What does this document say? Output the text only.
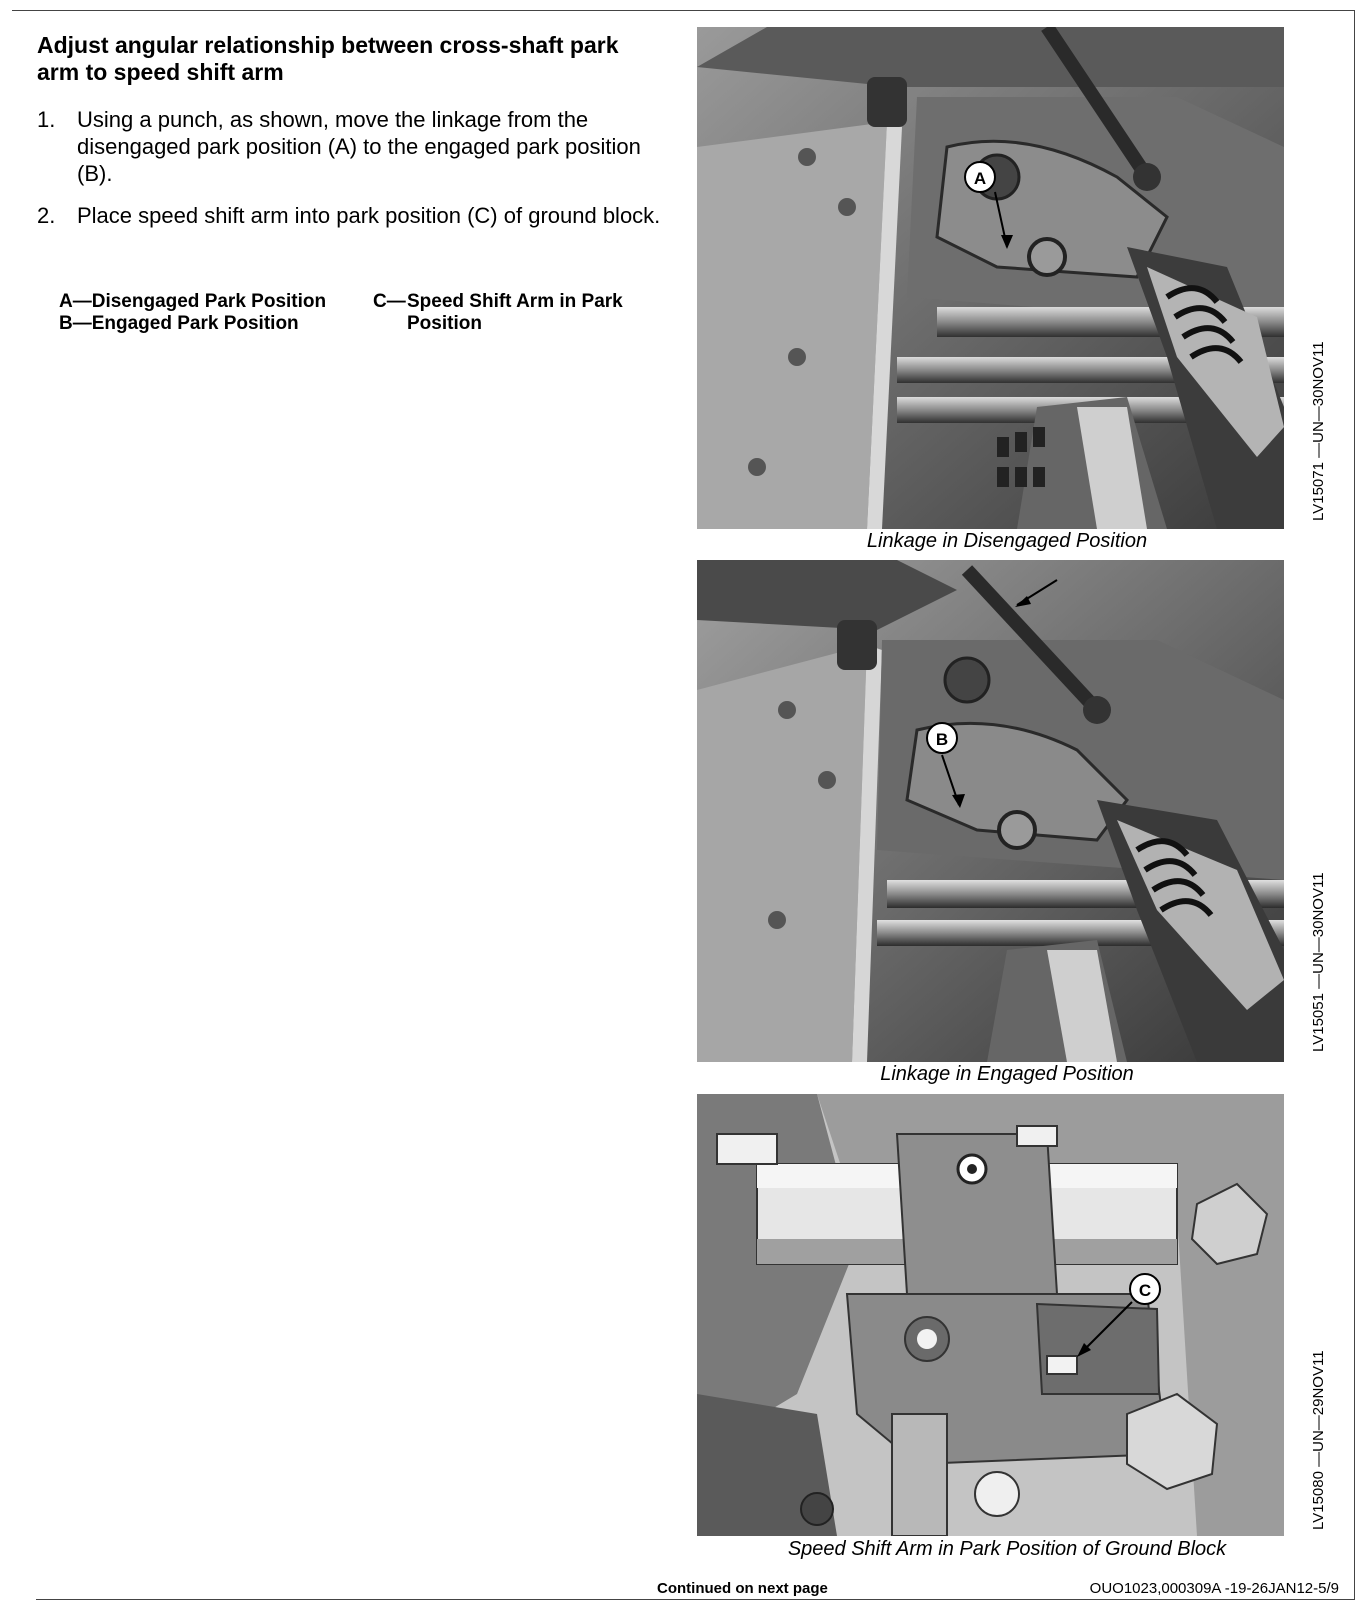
Adjust angular relationship between cross-shaft park arm to speed shift arm
1. Using a punch, as shown, move the linkage from the disengaged park position (A) to the engaged park position (B).
2. Place speed shift arm into park position (C) of ground block.
A—Disengaged Park Position
B—Engaged Park Position
C— Speed Shift Arm in Park Position
A
Linkage in Disengaged Position
LV15071 —UN—30NOV11
B
Linkage in Engaged Position
LV15051 —UN—30NOV11
C
Speed Shift Arm in Park Position of Ground Block
LV15080 —UN—29NOV11
Continued on next page	OUO1023,000309A -19-26JAN12-5/9
